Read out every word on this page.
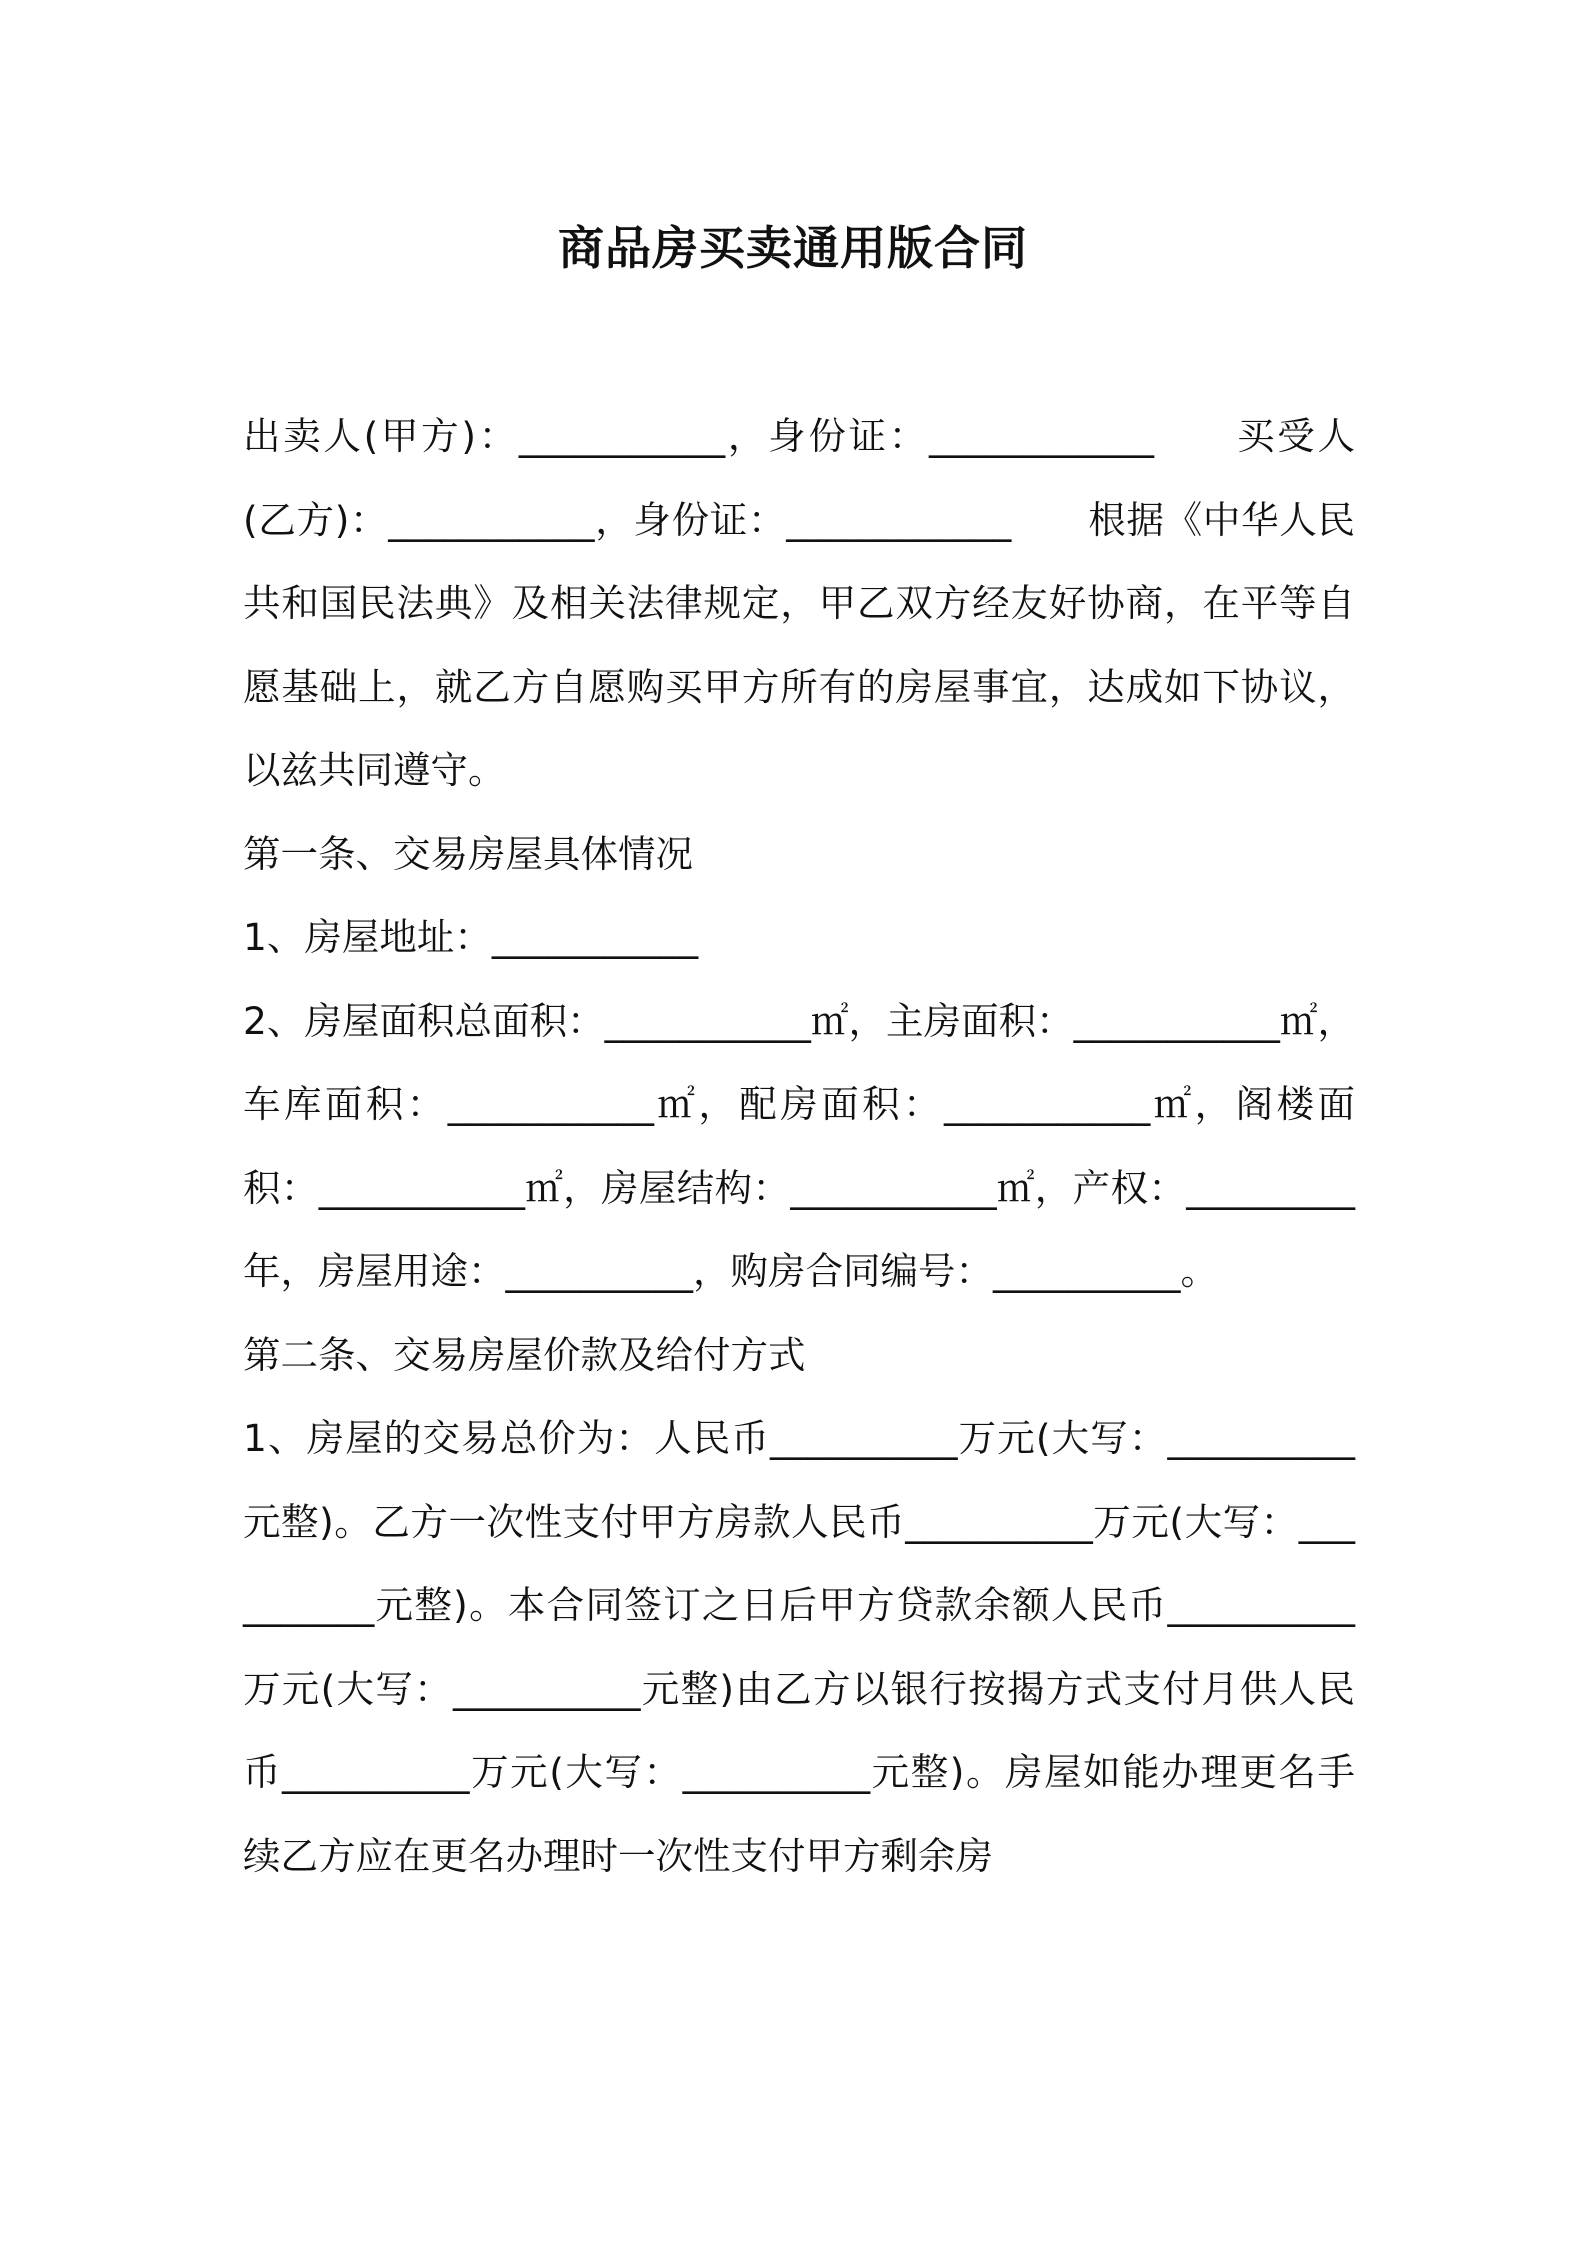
商品房买卖通用版合同

出卖人(甲方)：___________，身份证：____________　　买受人(乙方)：___________，身份证：____________　　根据《中华人民共和国民法典》及相关法律规定，甲乙双方经友好协商，在平等自愿基础上，就乙方自愿购买甲方所有的房屋事宜，达成如下协议，以兹共同遵守。

第一条、交易房屋具体情况

1、房屋地址：___________

2、房屋面积总面积：___________㎡，主房面积：___________㎡，车库面积：___________㎡，配房面积：___________㎡，阁楼面积：___________㎡，房屋结构：___________㎡，产权：_________年，房屋用途：__________，购房合同编号：__________。

第二条、交易房屋价款及给付方式

1、房屋的交易总价为：人民币__________万元(大写：__________元整)。乙方一次性支付甲方房款人民币__________万元(大写：__________元整)。本合同签订之日后甲方贷款余额人民币__________万元(大写：__________元整)由乙方以银行按揭方式支付月供人民币__________万元(大写：__________元整)。房屋如能办理更名手续乙方应在更名办理时一次性支付甲方剩余房
